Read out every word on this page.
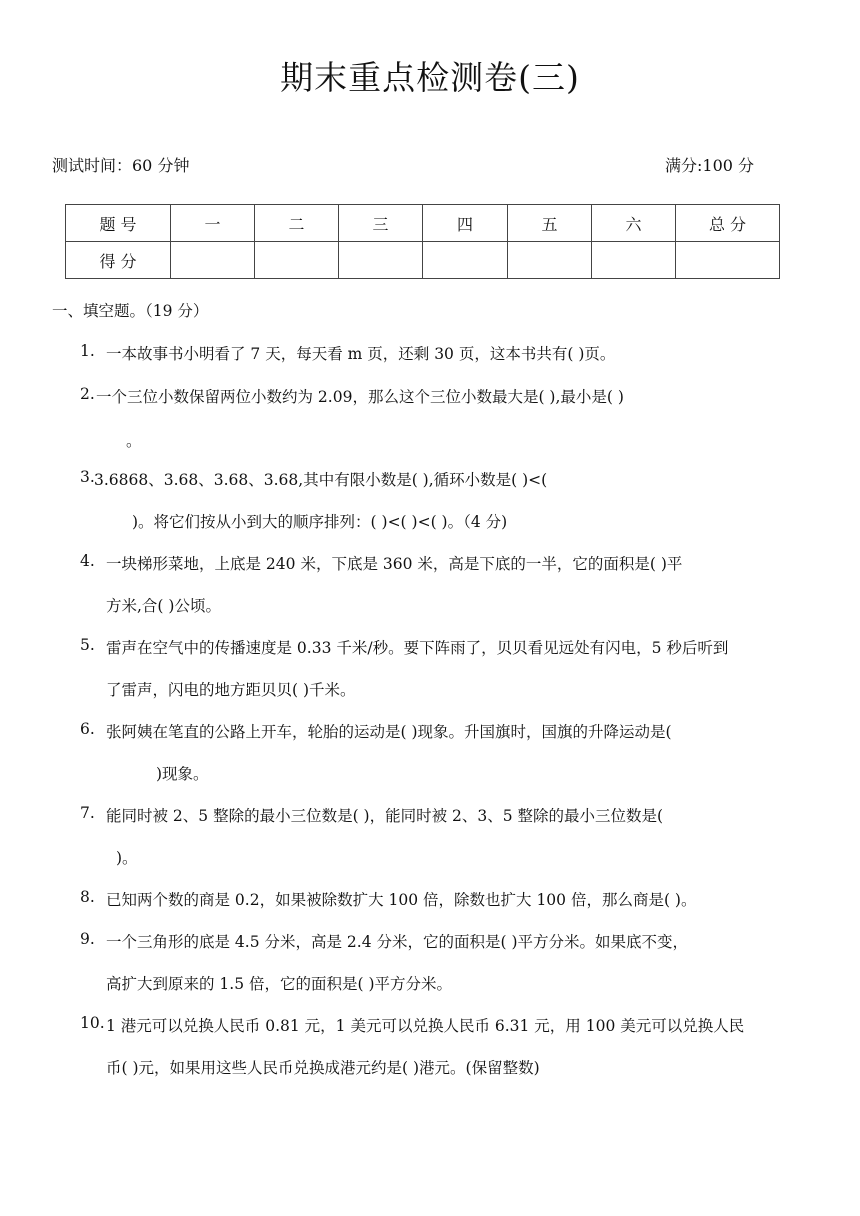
期末重点检测卷(三)
测试时间：60 分钟	满分:100 分
题 号	一	二	三	四	五	六	总 分
得 分							
一、填空题。（19 分）
1. 一本故事书小明看了 7 天，每天看 m 页，还剩 30 页，这本书共有( )页。
2. 一个三位小数保留两位小数约为 2.09，那么这个三位小数最大是( ),最小是( )
。
3. 3.6868、3.68、3.68、3.68,其中有限小数是( ),循环小数是( )<(
)。将它们按从小到大的顺序排列：( )<( )<( )。（4 分)
4. 一块梯形菜地，上底是 240 米，下底是 360 米，高是下底的一半，它的面积是( )平
方米,合( )公顷。
5. 雷声在空气中的传播速度是 0.33 千米/秒。要下阵雨了，贝贝看见远处有闪电，5 秒后听到
了雷声，闪电的地方距贝贝( )千米。
6. 张阿姨在笔直的公路上开车，轮胎的运动是( )现象。升国旗时，国旗的升降运动是(
)现象。
7. 能同时被 2、5 整除的最小三位数是( )，能同时被 2、3、5 整除的最小三位数是(
)。
8. 已知两个数的商是 0.2，如果被除数扩大 100 倍，除数也扩大 100 倍，那么商是( )。
9. 一个三角形的底是 4.5 分米，高是 2.4 分米，它的面积是( )平方分米。如果底不变，
高扩大到原来的 1.5 倍，它的面积是( )平方分米。
10. 1 港元可以兑换人民币 0.81 元，1 美元可以兑换人民币 6.31 元，用 100 美元可以兑换人民
币( )元，如果用这些人民币兑换成港元约是( )港元。(保留整数)
